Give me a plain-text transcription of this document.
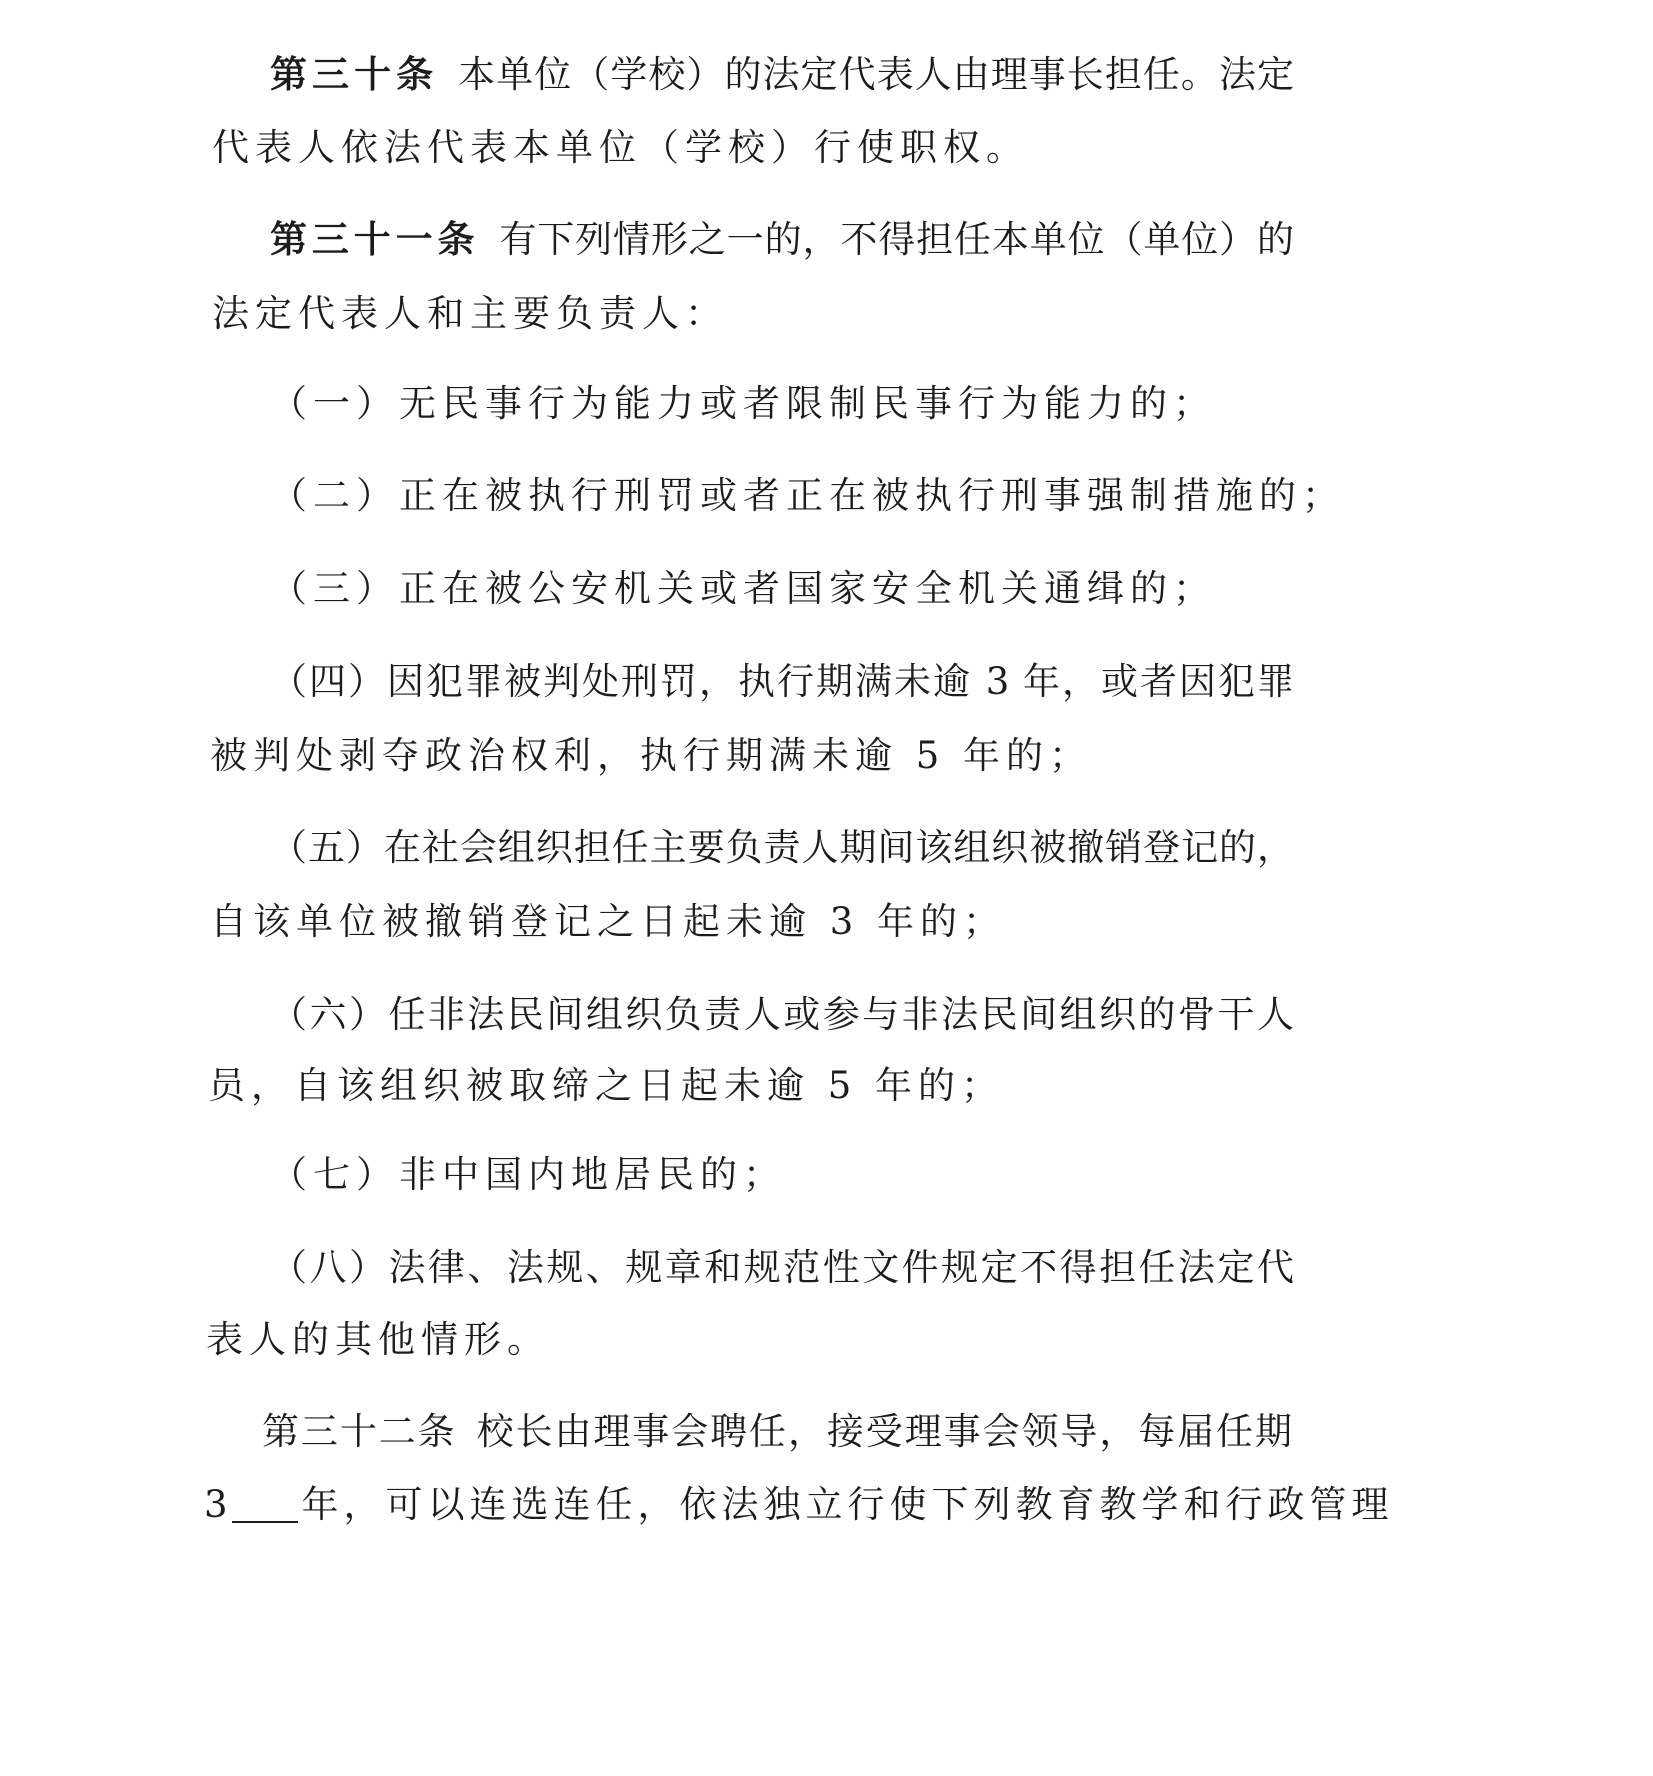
第三十条 本单位（学校）的法定代表人由理事长担任。法定
代表人依法代表本单位（学校）行使职权。
第三十一条 有下列情形之一的，不得担任本单位（单位）的
法定代表人和主要负责人：
（一）无民事行为能力或者限制民事行为能力的；
（二）正在被执行刑罚或者正在被执行刑事强制措施的；
（三）正在被公安机关或者国家安全机关通缉的；
（四）因犯罪被判处刑罚，执行期满未逾 3 年，或者因犯罪
被判处剥夺政治权利，执行期满未逾 5 年的；
（五）在社会组织担任主要负责人期间该组织被撤销登记的，
自该单位被撤销登记之日起未逾 3 年的；
（六）任非法民间组织负责人或参与非法民间组织的骨干人
员，自该组织被取缔之日起未逾 5 年的；
（七）非中国内地居民的；
（八）法律、法规、规章和规范性文件规定不得担任法定代
表人的其他情形。
第三十二条 校长由理事会聘任，接受理事会领导，每届任期
3 年，可以连选连任，依法独立行使下列教育教学和行政管理
